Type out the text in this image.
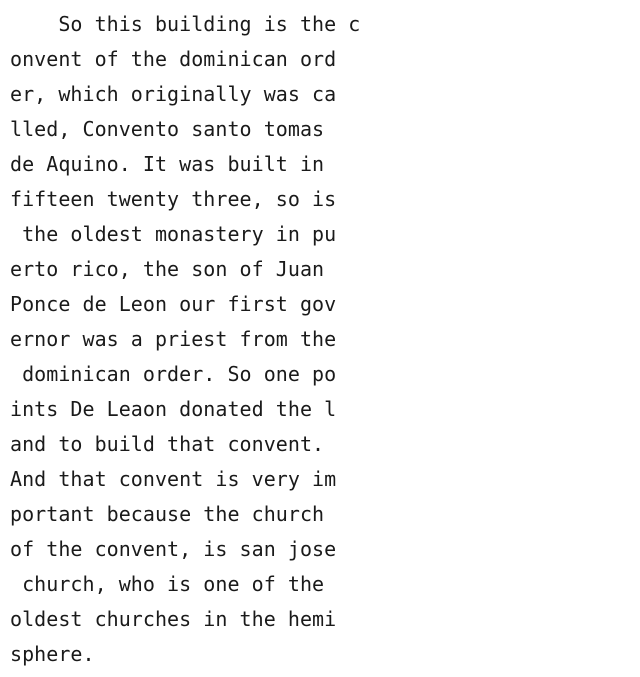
So this building is the c
onvent of the dominican ord
er, which originally was ca
lled, Convento santo tomas
de Aquino. It was built in
fifteen twenty three, so is
the oldest monastery in pu
erto rico, the son of Juan
Ponce de Leon our first gov
ernor was a priest from the
dominican order. So one po
ints De Leaon donated the l
and to build that convent.
And that convent is very im
portant because the church
of the convent, is san jose
church, who is one of the
oldest churches in the hemi
sphere.
